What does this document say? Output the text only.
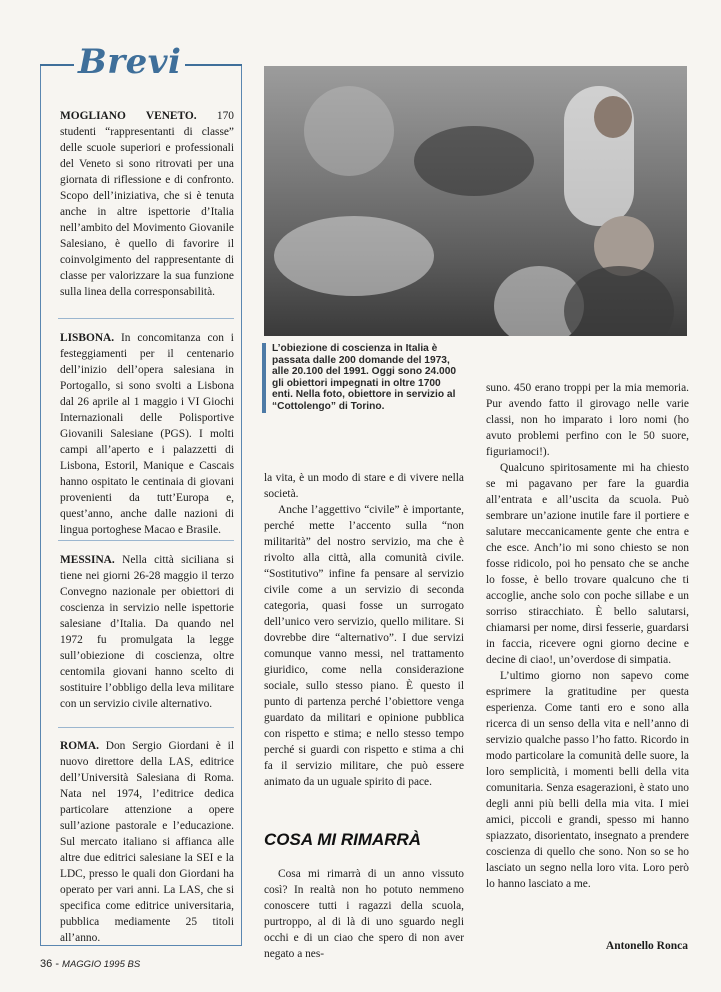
Brevi

MOGLIANO VENETO. 170 studenti “rappresentanti di classe” delle scuole superiori e professionali del Veneto si sono ritrovati per una giornata di riflessione e di confronto. Scopo dell’iniziativa, che si è tenuta anche in altre ispettorie d’Italia nell’ambito del Movimento Giovanile Salesiano, è quello di favorire il coinvolgimento del rappresentante di classe per valorizzare la sua funzione sulla linea della corresponsabilità.

LISBONA. In concomitanza con i festeggiamenti per il centenario dell’inizio dell’opera salesiana in Portogallo, si sono svolti a Lisbona dal 26 aprile al 1 maggio i VI Giochi Internazionali delle Polisportive Giovanili Salesiane (PGS). I molti campi all’aperto e i palazzetti di Lisbona, Estoril, Manique e Cascais hanno ospitato le centinaia di giovani provenienti da tutt’Europa e, quest’anno, anche dalle nazioni di lingua portoghese Macao e Brasile.

MESSINA. Nella città siciliana si tiene nei giorni 26-28 maggio il terzo Convegno nazionale per obiettori di coscienza in servizio nelle ispettorie salesiane d’Italia. Da quando nel 1972 fu promulgata la legge sull’obiezione di coscienza, oltre centomila giovani hanno scelto di sostituire l’obbligo della leva militare con un servizio civile alternativo.

ROMA. Don Sergio Giordani è il nuovo direttore della LAS, editrice dell’Università Salesiana di Roma. Nata nel 1974, l’editrice dedica particolare attenzione a opere sull’azione pastorale e l’educazione. Sul mercato italiano si affianca alle altre due editrici salesiane la SEI e la LDC, presso le quali don Giordani ha operato per vari anni. La LAS, che si specifica come editrice universitaria, pubblica mediamente 25 titoli all’anno.

L’obiezione di coscienza in Italia è passata dalle 200 domande del 1973, alle 20.100 del 1991. Oggi sono 24.000 gli obiettori impegnati in oltre 1700 enti. Nella foto, obiettore in servizio al “Cottolengo” di Torino.

la vita, è un modo di stare e di vivere nella società.

Anche l’aggettivo “civile” è importante, perché mette l’accento sulla “non militarità” del nostro servizio, ma che è rivolto alla città, alla comunità civile. “Sostitutivo” infine fa pensare al servizio civile come a un servizio di seconda categoria, quasi fosse un surrogato dell’unico vero servizio, quello militare. Si dovrebbe dire “alternativo”. I due servizi comunque vanno messi, nel trattamento giuridico, come nella considerazione sociale, sullo stesso piano. È questo il punto di partenza perché l’obiettore venga guardato da militari e opinione pubblica con rispetto e stima; e nello stesso tempo perché si guardi con rispetto e stima a chi fa il servizio militare, che può essere animato da un uguale spirito di pace.

COSA MI RIMARRÀ

Cosa mi rimarrà di un anno vissuto così? In realtà non ho potuto nemmeno conoscere tutti i ragazzi della scuola, purtroppo, al di là di uno sguardo negli occhi e di un ciao che spero di non aver negato a nes-

suno. 450 erano troppi per la mia memoria. Pur avendo fatto il girovago nelle varie classi, non ho imparato i loro nomi (ho avuto problemi perfino con le 50 suore, figuriamoci!).

Qualcuno spiritosamente mi ha chiesto se mi pagavano per fare la guardia all’entrata e all’uscita da scuola. Può sembrare un’azione inutile fare il portiere e salutare meccanicamente gente che entra e che esce. Anch’io mi sono chiesto se non fosse ridicolo, poi ho pensato che se anche lo fosse, è bello trovare qualcuno che ti accoglie, anche solo con poche sillabe e un sorriso stiracchiato. È bello salutarsi, chiamarsi per nome, dirsi fesserie, guardarsi in faccia, ricevere ogni giorno decine e decine di ciao!, un’overdose di simpatia.

L’ultimo giorno non sapevo come esprimere la gratitudine per questa esperienza. Come tanti ero e sono alla ricerca di un senso della vita e nell’anno di servizio qualche passo l’ho fatto. Ricordo in modo particolare la comunità delle suore, la loro semplicità, i momenti belli della vita comunitaria. Senza esagerazioni, è stato uno degli anni più belli della mia vita. I miei amici, piccoli e grandi, spesso mi hanno spiazzato, disorientato, insegnato a prendere coscienza di quello che sono. Non so se ho lasciato un segno nella loro vita. Loro però lo hanno lasciato a me.

Antonello Ronca
36 - MAGGIO 1995 BS
